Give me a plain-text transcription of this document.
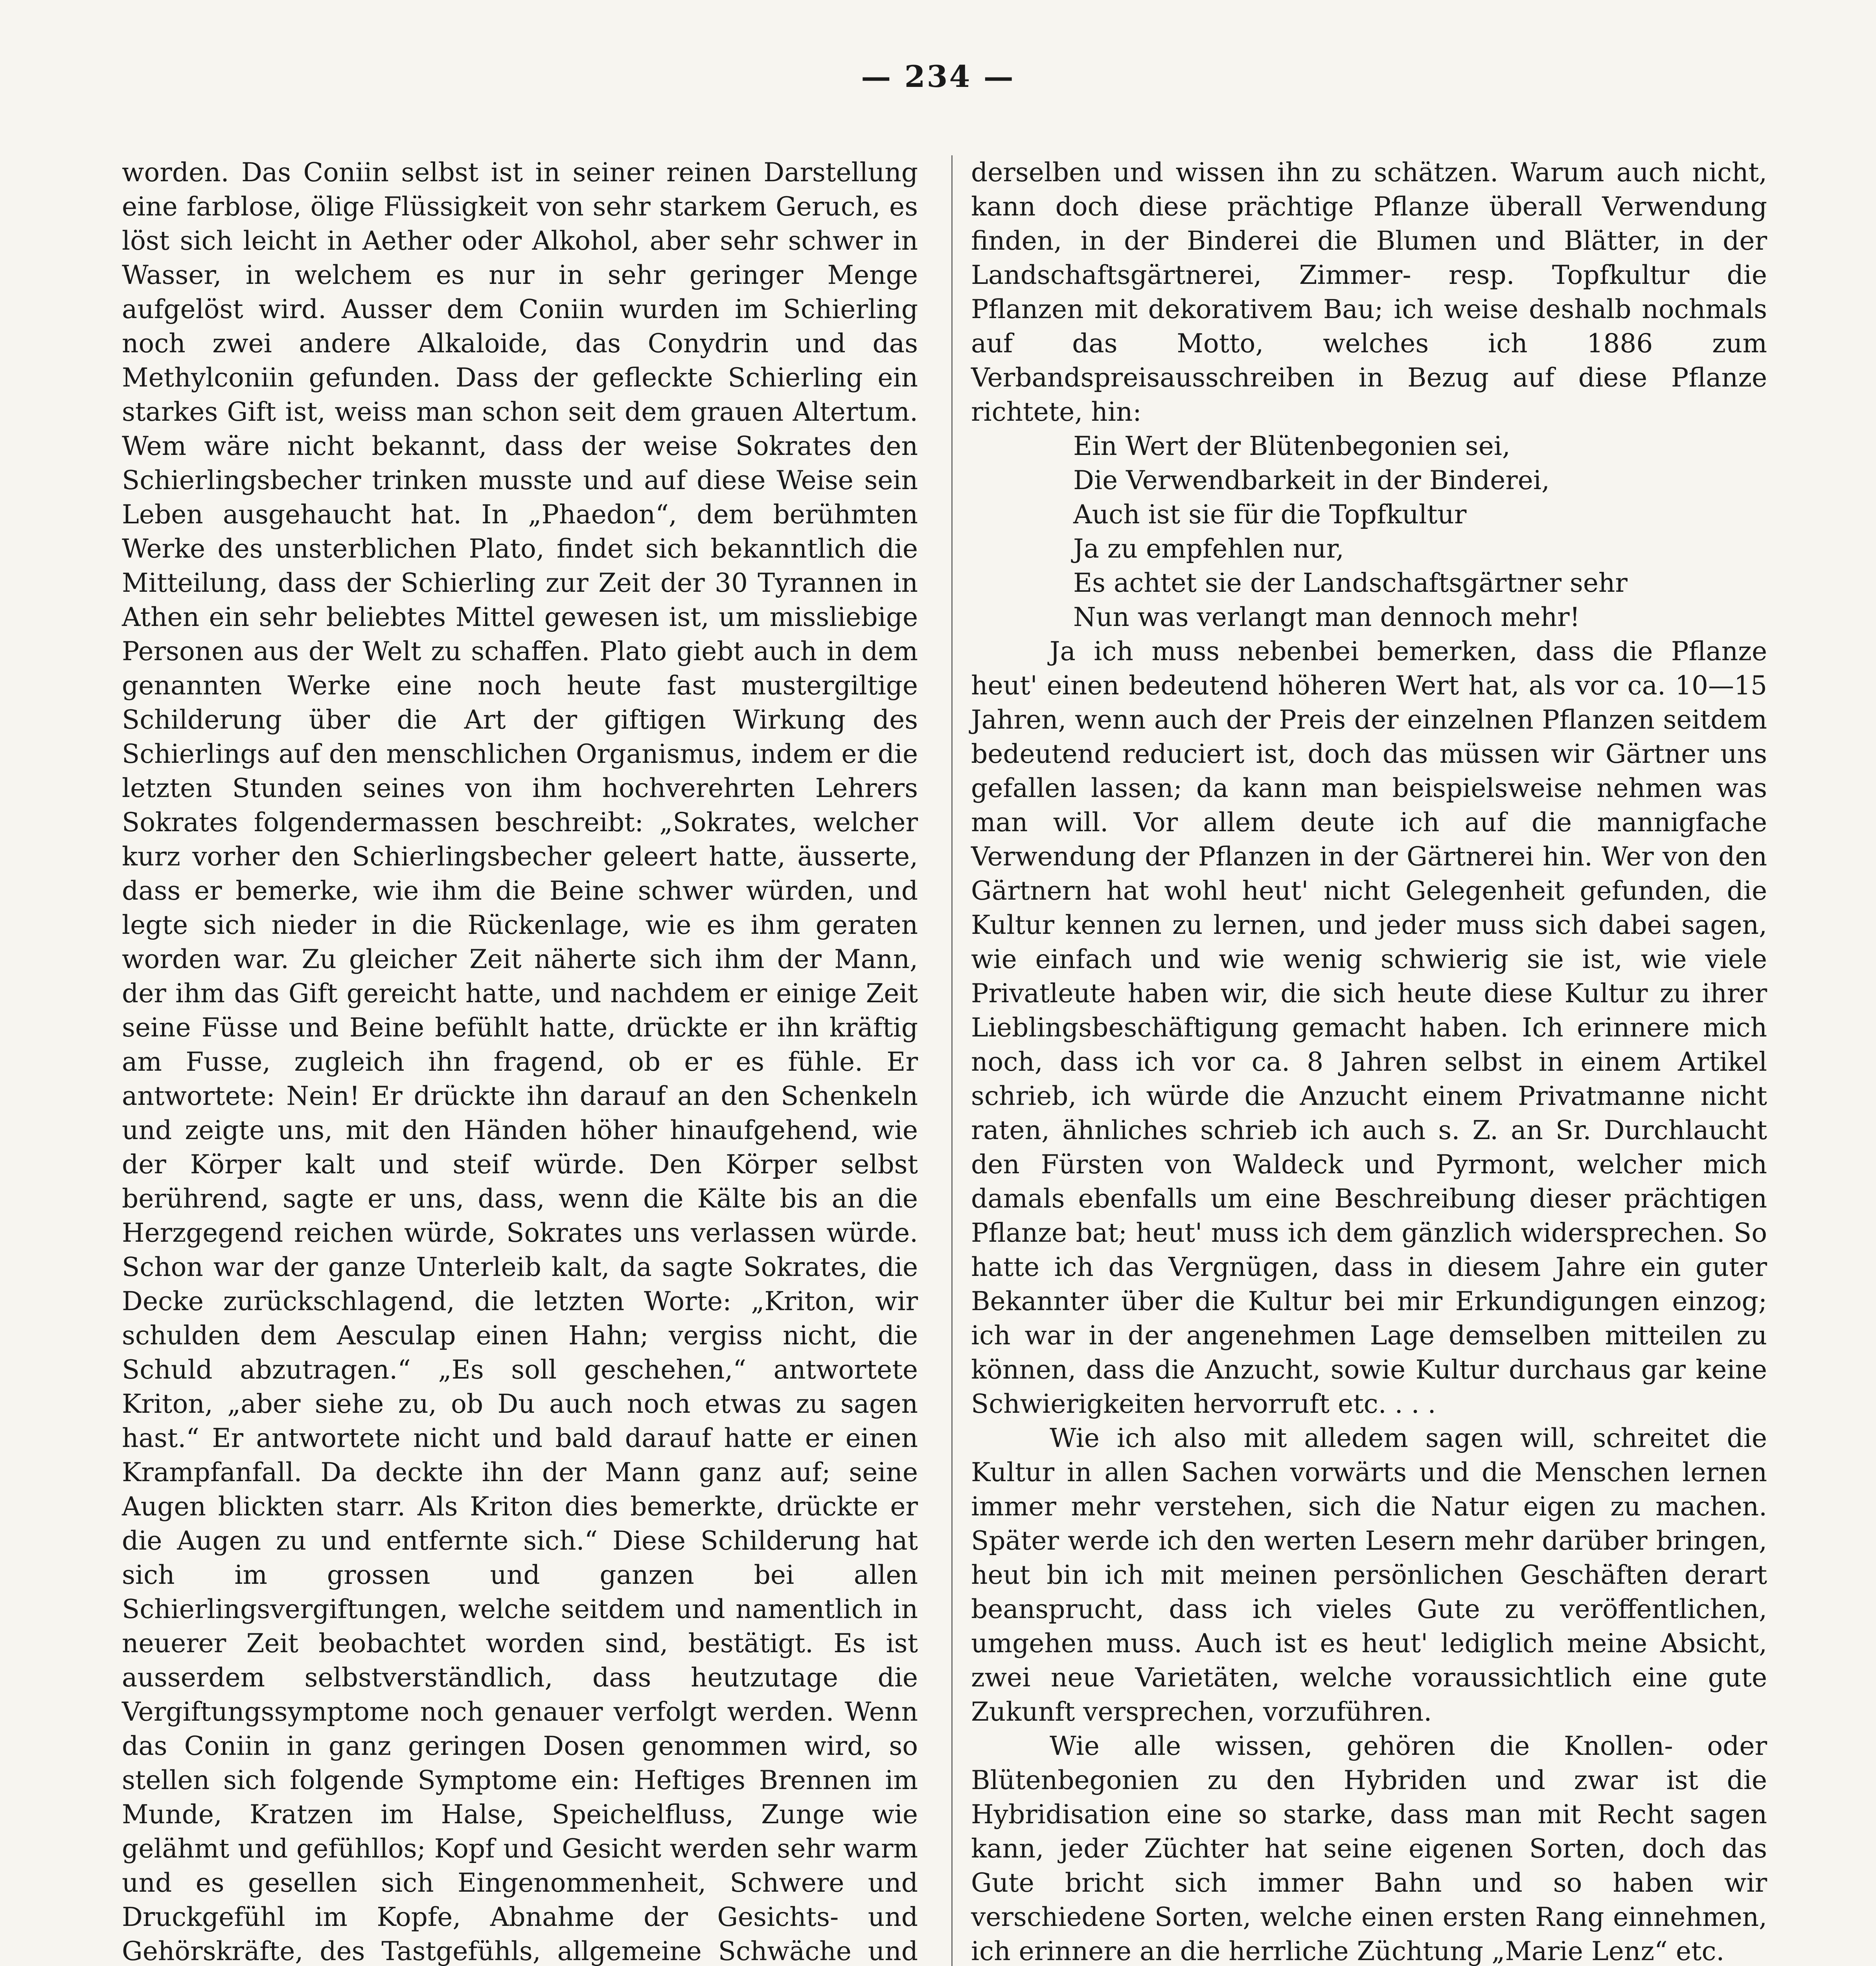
— 234 —

worden. Das Coniin selbst ist in seiner reinen Darstellung eine farblose, ölige Flüssigkeit von sehr starkem Geruch, es löst sich leicht in Aether oder Alkohol, aber sehr schwer in Wasser, in welchem es nur in sehr geringer Menge aufgelöst wird. Ausser dem Coniin wurden im Schierling noch zwei andere Alkaloide, das Conydrin und das Methylconiin gefunden. Dass der gefleckte Schierling ein starkes Gift ist, weiss man schon seit dem grauen Altertum. Wem wäre nicht bekannt, dass der weise Sokrates den Schierlingsbecher trinken musste und auf diese Weise sein Leben ausgehaucht hat. In „Phaedon“, dem berühmten Werke des unsterblichen Plato, findet sich bekanntlich die Mitteilung, dass der Schierling zur Zeit der 30 Tyrannen in Athen ein sehr beliebtes Mittel gewesen ist, um missliebige Personen aus der Welt zu schaffen. Plato giebt auch in dem genannten Werke eine noch heute fast mustergiltige Schilderung über die Art der giftigen Wirkung des Schierlings auf den menschlichen Organismus, indem er die letzten Stunden seines von ihm hochverehrten Lehrers Sokrates folgendermassen beschreibt: „Sokrates, welcher kurz vorher den Schierlingsbecher geleert hatte, äusserte, dass er bemerke, wie ihm die Beine schwer würden, und legte sich nieder in die Rückenlage, wie es ihm geraten worden war. Zu gleicher Zeit näherte sich ihm der Mann, der ihm das Gift gereicht hatte, und nachdem er einige Zeit seine Füsse und Beine befühlt hatte, drückte er ihn kräftig am Fusse, zugleich ihn fragend, ob er es fühle. Er antwortete: Nein! Er drückte ihn darauf an den Schenkeln und zeigte uns, mit den Händen höher hinaufgehend, wie der Körper kalt und steif würde. Den Körper selbst berührend, sagte er uns, dass, wenn die Kälte bis an die Herzgegend reichen würde, Sokrates uns verlassen würde. Schon war der ganze Unterleib kalt, da sagte Sokrates, die Decke zurückschlagend, die letzten Worte: „Kriton, wir schulden dem Aesculap einen Hahn; vergiss nicht, die Schuld abzutragen.“ „Es soll geschehen,“ antwortete Kriton, „aber siehe zu, ob Du auch noch etwas zu sagen hast.“ Er antwortete nicht und bald darauf hatte er einen Krampfanfall. Da deckte ihn der Mann ganz auf; seine Augen blickten starr. Als Kriton dies bemerkte, drückte er die Augen zu und entfernte sich.“ Diese Schilderung hat sich im grossen und ganzen bei allen Schierlingsvergiftungen, welche seitdem und namentlich in neuerer Zeit beobachtet worden sind, bestätigt. Es ist ausserdem selbstverständlich, dass heutzutage die Vergiftungssymptome noch genauer verfolgt werden. Wenn das Coniin in ganz geringen Dosen genommen wird, so stellen sich folgende Symptome ein: Heftiges Brennen im Munde, Kratzen im Halse, Speichelfluss, Zunge wie gelähmt und gefühllos; Kopf und Gesicht werden sehr warm und es gesellen sich Eingenommenheit, Schwere und Druckgefühl im Kopfe, Abnahme der Gesichts- und Gehörskräfte, des Tastgefühls, allgemeine Schwäche und

derselben und wissen ihn zu schätzen. Warum auch nicht, kann doch diese prächtige Pflanze überall Verwendung finden, in der Binderei die Blumen und Blätter, in der Landschaftsgärtnerei, Zimmer- resp. Topfkultur die Pflanzen mit dekorativem Bau; ich weise deshalb nochmals auf das Motto, welches ich 1886 zum Verbandspreisausschreiben in Bezug auf diese Pflanze richtete, hin:

Ein Wert der Blütenbegonien sei,
Die Verwendbarkeit in der Binderei,
Auch ist sie für die Topfkultur
Ja zu empfehlen nur,
Es achtet sie der Landschaftsgärtner sehr
Nun was verlangt man dennoch mehr!

Ja ich muss nebenbei bemerken, dass die Pflanze heut' einen bedeutend höheren Wert hat, als vor ca. 10—15 Jahren, wenn auch der Preis der einzelnen Pflanzen seitdem bedeutend reduciert ist, doch das müssen wir Gärtner uns gefallen lassen; da kann man beispielsweise nehmen was man will. Vor allem deute ich auf die mannigfache Verwendung der Pflanzen in der Gärtnerei hin. Wer von den Gärtnern hat wohl heut' nicht Gelegenheit gefunden, die Kultur kennen zu lernen, und jeder muss sich dabei sagen, wie einfach und wie wenig schwierig sie ist, wie viele Privatleute haben wir, die sich heute diese Kultur zu ihrer Lieblingsbeschäftigung gemacht haben. Ich erinnere mich noch, dass ich vor ca. 8 Jahren selbst in einem Artikel schrieb, ich würde die Anzucht einem Privatmanne nicht raten, ähnliches schrieb ich auch s. Z. an Sr. Durchlaucht den Fürsten von Waldeck und Pyrmont, welcher mich damals ebenfalls um eine Beschreibung dieser prächtigen Pflanze bat; heut' muss ich dem gänzlich widersprechen. So hatte ich das Vergnügen, dass in diesem Jahre ein guter Bekannter über die Kultur bei mir Erkundigungen einzog; ich war in der angenehmen Lage demselben mitteilen zu können, dass die Anzucht, sowie Kultur durchaus gar keine Schwierigkeiten hervorruft etc. . . .

Wie ich also mit alledem sagen will, schreitet die Kultur in allen Sachen vorwärts und die Menschen lernen immer mehr verstehen, sich die Natur eigen zu machen. Später werde ich den werten Lesern mehr darüber bringen, heut bin ich mit meinen persönlichen Geschäften derart beansprucht, dass ich vieles Gute zu veröffentlichen, umgehen muss. Auch ist es heut' lediglich meine Absicht, zwei neue Varietäten, welche voraussichtlich eine gute Zukunft versprechen, vorzuführen.

Wie alle wissen, gehören die Knollen- oder Blütenbegonien zu den Hybriden und zwar ist die Hybridisation eine so starke, dass man mit Recht sagen kann, jeder Züchter hat seine eigenen Sorten, doch das Gute bricht sich immer Bahn und so haben wir verschiedene Sorten, welche einen ersten Rang einnehmen, ich erinnere an die herrliche Züchtung „Marie Lenz“ etc.
